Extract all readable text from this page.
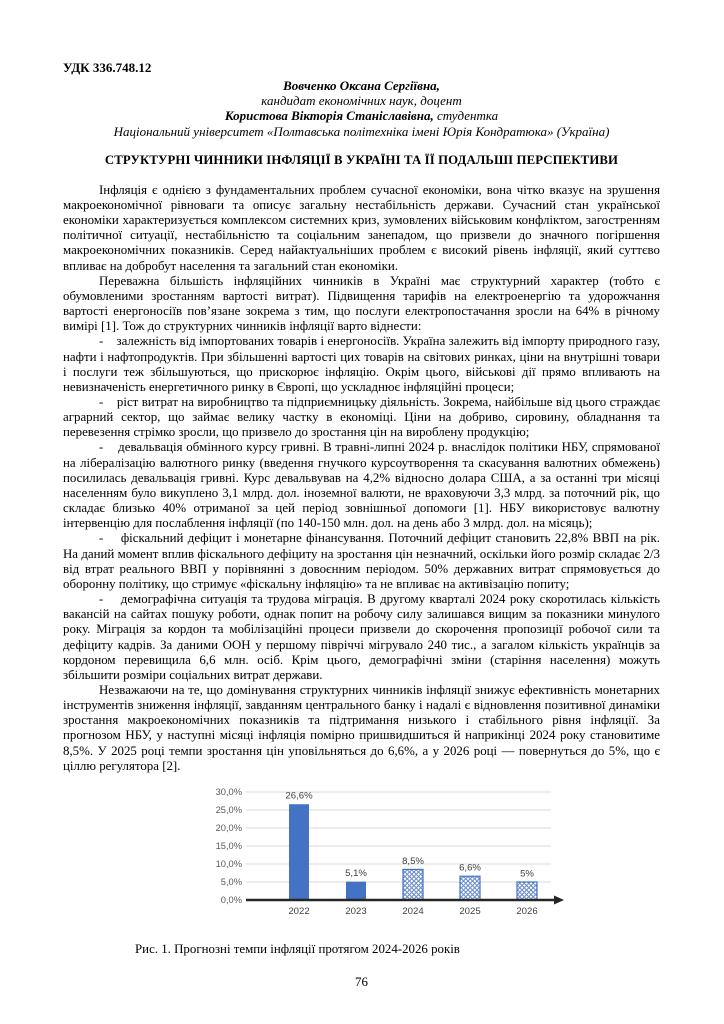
УДК 336.748.12
Вовченко Оксана Сергіївна,
кандидат економічних наук, доцент
Користова Вікторія Станіславівна, студентка
Національний університет «Полтавська політехніка імені Юрія Кондратюка» (Україна)
СТРУКТУРНІ ЧИННИКИ ІНФЛЯЦІЇ В УКРАЇНІ ТА ЇЇ ПОДАЛЬШІ ПЕРСПЕКТИВИ

Інфляція є однією з фундаментальних проблем сучасної економіки, вона чітко вказує на зрушення макроекономічної рівноваги та описує загальну нестабільність держави. Сучасний стан української економіки характеризується комплексом системних криз, зумовлених військовим конфліктом, загостренням політичної ситуації, нестабільністю та соціальним занепадом, що призвели до значного погіршення макроекономічних показників. Серед найактуальніших проблем є високий рівень інфляції, який суттєво впливає на добробут населення та загальний стан економіки.

Переважна більшість інфляційних чинників в Україні має структурний характер (тобто є обумовленими зростанням вартості витрат). Підвищення тарифів на електроенергію та удорожчання вартості енергоносіїв пов’язане зокрема з тим, що послуги електропостачання зросли на 64% в річному вимірі [1]. Тож до структурних чинників інфляції варто віднести:

-    залежність від імпортованих товарів і енергоносіїв. Україна залежить від імпорту природного газу, нафти і нафтопродуктів. При збільшенні вартості цих товарів на світових ринках, ціни на внутрішні товари і послуги теж збільшуються, що прискорює інфляцію. Окрім цього, військові дії прямо впливають на невизначеність енергетичного ринку в Європі, що ускладнює інфляційні процеси;

-    ріст витрат на виробництво та підприємницьку діяльність. Зокрема, найбільше від цього страждає аграрний сектор, що займає велику частку в економіці. Ціни на добриво, сировину, обладнання та перевезення стрімко зросли, що призвело до зростання цін на вироблену продукцію;

-    девальвація обмінного курсу гривні. В травні-липні 2024 р. внаслідок політики НБУ, спрямованої на лібералізацію валютного ринку (введення гнучкого курсоутворення та скасування валютних обмежень) посилилась девальвація гривні. Курс девальвував на 4,2% відносно долара США, а за останні три місяці населенням було викуплено 3,1 млрд. дол. іноземної валюти, не враховуючи 3,3 млрд. за поточний рік, що складає близько 40% отриманої за цей період зовнішньої допомоги [1]. НБУ використовує валютну інтервенцію для послаблення інфляції (по 140-150 млн. дол. на день або 3 млрд. дол. на місяць);

-    фіскальний дефіцит і монетарне фінансування. Поточний дефіцит становить 22,8% ВВП на рік. На даний момент вплив фіскального дефіциту на зростання цін незначний, оскільки його розмір складає 2/3 від втрат реального ВВП у порівнянні з довоєнним періодом. 50% державних витрат спрямовується до оборонну політику, що стримує «фіскальну інфляцію» та не впливає на активізацію попиту;

-    демографічна ситуація та трудова міграція. В другому кварталі 2024 року скоротилась кількість вакансій на сайтах пошуку роботи, однак попит на робочу силу залишався вищим за показники минулого року. Міграція за кордон та мобілізаційні процеси призвели до скорочення пропозиції робочої сили та дефіциту кадрів. За даними ООН у першому півріччі мігрувало 240 тис., а загалом кількість українців за кордоном перевищила 6,6 млн. осіб. Крім цього, демографічні зміни (старіння населення) можуть збільшити розміри соціальних витрат держави.

Незважаючи на те, що домінування структурних чинників інфляції знижує ефективність монетарних інструментів зниження інфляції, завданням центрального банку і надалі є відновлення позитивної динаміки зростання макроекономічних показників та підтримання низького і стабільного рівня інфляції. За прогнозом НБУ, у наступні місяці інфляція помірно пришвидшиться й наприкінці 2024 року становитиме 8,5%. У 2025 році темпи зростання цін уповільняться до 6,6%, а у 2026 році — повернуться до 5%, що є ціллю регулятора [2].

0,0%
5,0%
10,0%
15,0%
20,0%
25,0%
30,0%	26,6%
2022
5,1%
2023
8,5%
2024
6,6%
2025
5%
2026
Рис. 1. Прогнозні темпи інфляції протягом 2024-2026 років
76
